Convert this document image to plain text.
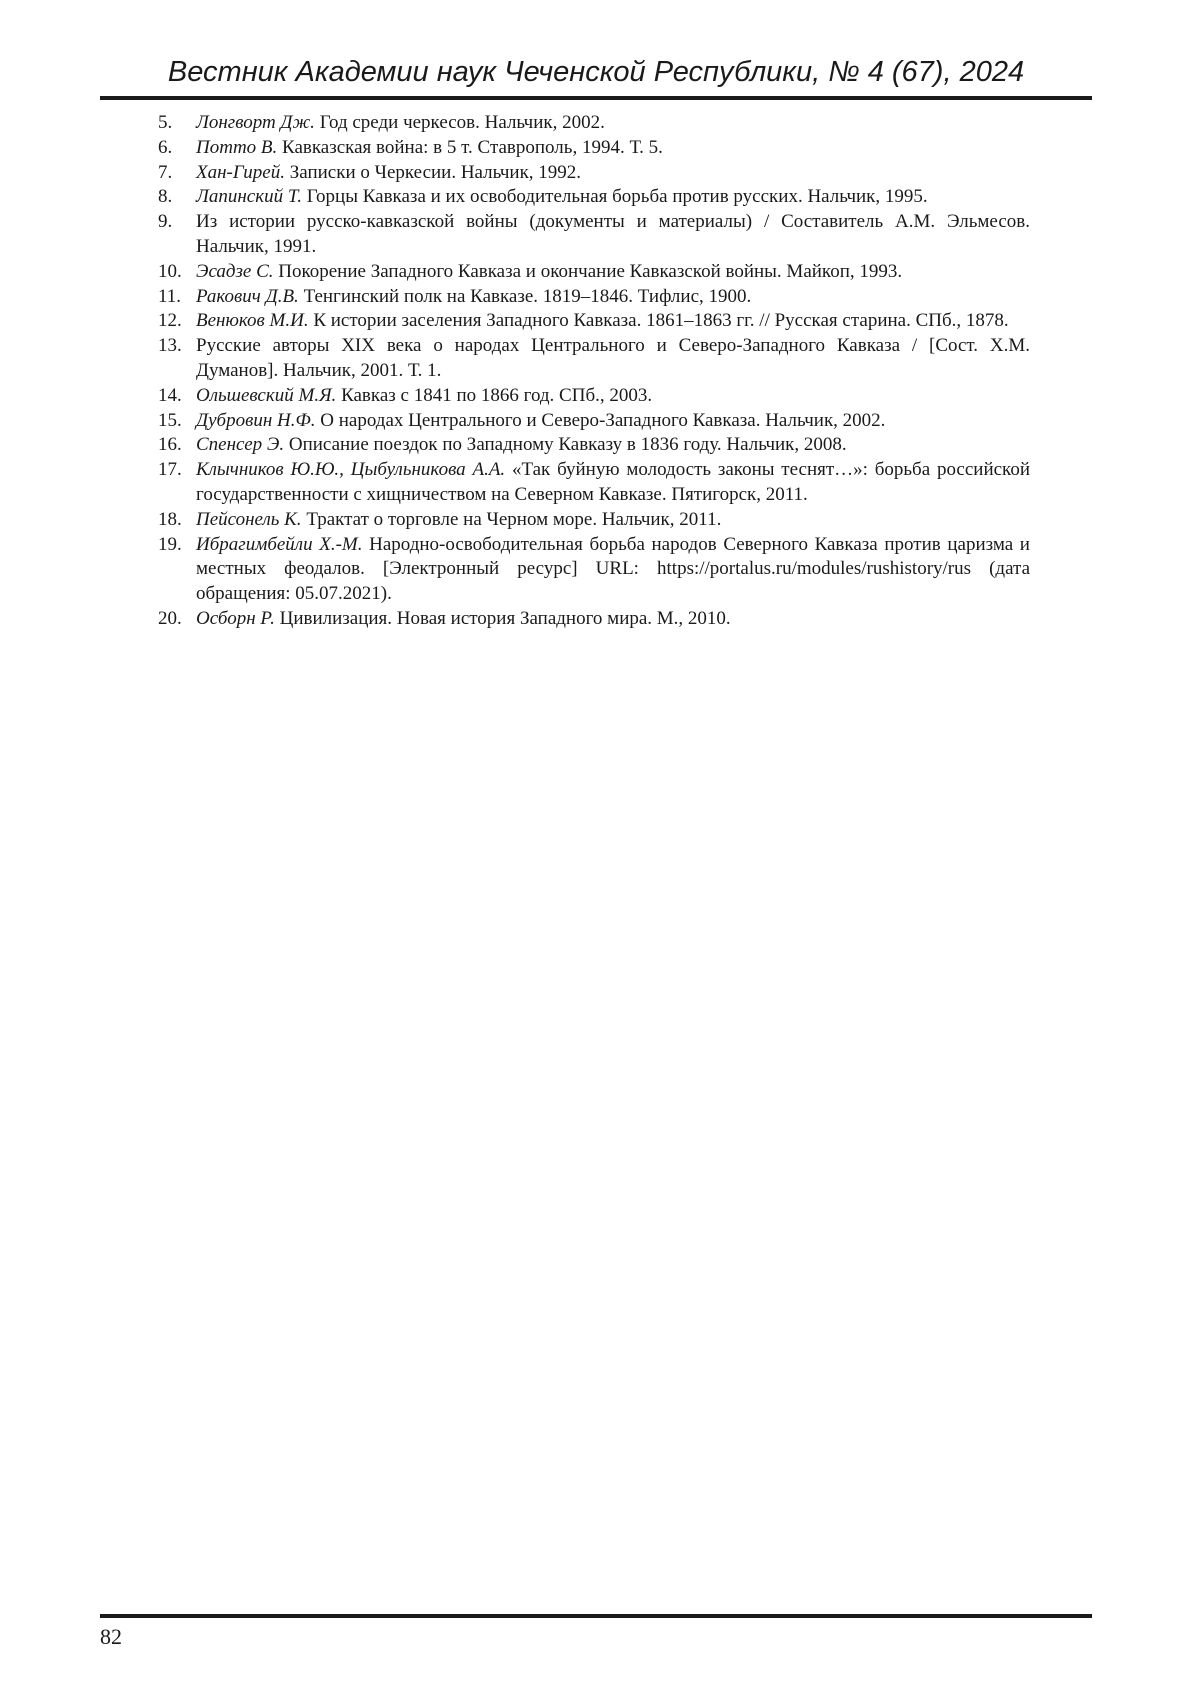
Вестник Академии наук Чеченской Республики, № 4 (67), 2024
5. Лонгворт Дж. Год среди черкесов. Нальчик, 2002.
6. Потто В. Кавказская война: в 5 т. Ставрополь, 1994. Т. 5.
7. Хан-Гирей. Записки о Черкесии. Нальчик, 1992.
8. Лапинский Т. Горцы Кавказа и их освободительная борьба против русских. Нальчик, 1995.
9. Из истории русско-кавказской войны (документы и материалы) / Составитель А.М. Эльмесов. Нальчик, 1991.
10. Эсадзе С. Покорение Западного Кавказа и окончание Кавказской войны. Майкоп, 1993.
11. Ракович Д.В. Тенгинский полк на Кавказе. 1819–1846. Тифлис, 1900.
12. Венюков М.И. К истории заселения Западного Кавказа. 1861–1863 гг. // Русская старина. СПб., 1878.
13. Русские авторы XIX века о народах Центрального и Северо-Западного Кавказа / [Сост. Х.М. Думанов]. Нальчик, 2001. Т. 1.
14. Ольшевский М.Я. Кавказ с 1841 по 1866 год. СПб., 2003.
15. Дубровин Н.Ф. О народах Центрального и Северо-Западного Кавказа. Нальчик, 2002.
16. Спенсер Э. Описание поездок по Западному Кавказу в 1836 году. Нальчик, 2008.
17. Клычников Ю.Ю., Цыбульникова А.А. «Так буйную молодость законы теснят…»: борьба российской государственности с хищничеством на Северном Кавказе. Пятигорск, 2011.
18. Пейсонель К. Трактат о торговле на Черном море. Нальчик, 2011.
19. Ибрагимбейли Х.-М. Народно-освободительная борьба народов Северного Кавказа против царизма и местных феодалов. [Электронный ресурс] URL: https://portalus.ru/modules/rushistory/rus (дата обращения: 05.07.2021).
20. Осборн Р. Цивилизация. Новая история Западного мира. М., 2010.
82
